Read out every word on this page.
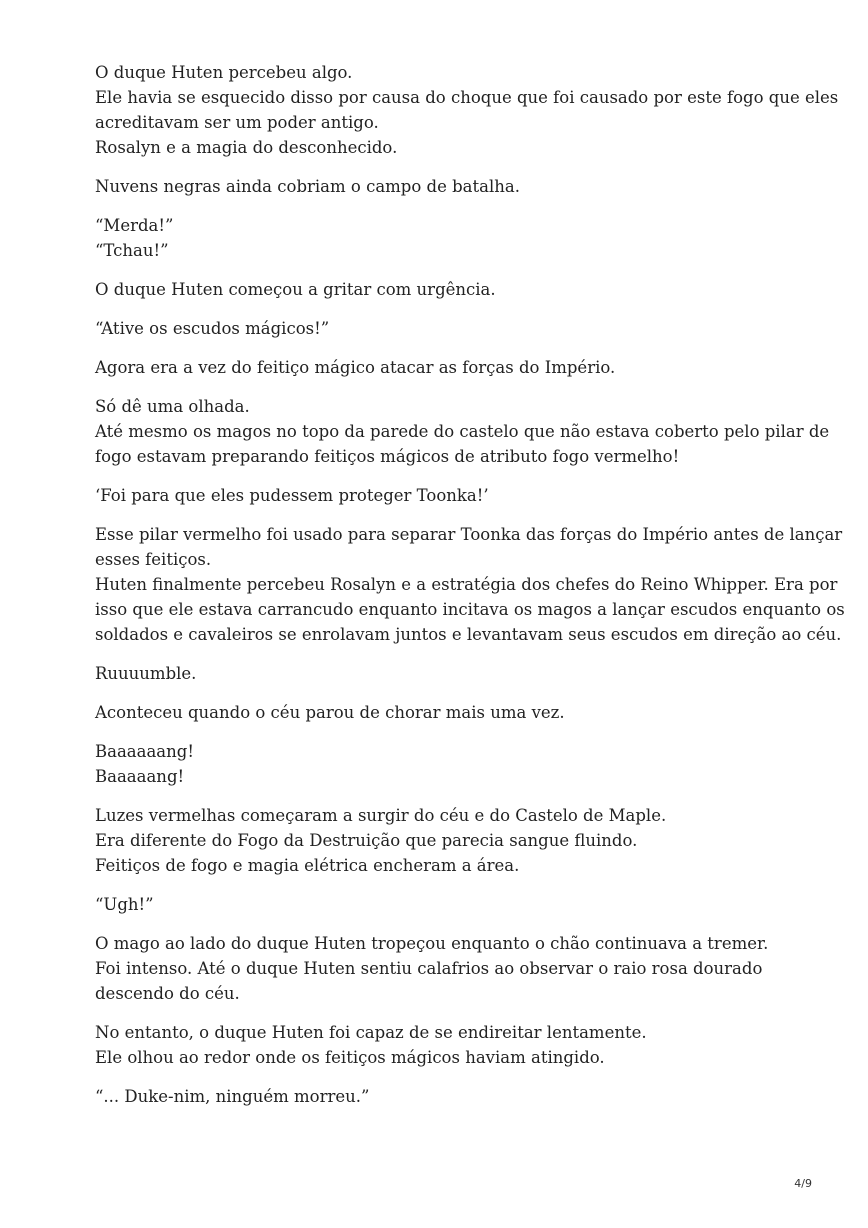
O duque Huten percebeu algo.
Ele havia se esquecido disso por causa do choque que foi causado por este fogo que eles
acreditavam ser um poder antigo.
Rosalyn e a magia do desconhecido.
Nuvens negras ainda cobriam o campo de batalha.
“Merda!”
“Tchau!”
O duque Huten começou a gritar com urgência.
“Ative os escudos mágicos!”
Agora era a vez do feitiço mágico atacar as forças do Império.
Só dê uma olhada.
Até mesmo os magos no topo da parede do castelo que não estava coberto pelo pilar de
fogo estavam preparando feitiços mágicos de atributo fogo vermelho!
‘Foi para que eles pudessem proteger Toonka!’
Esse pilar vermelho foi usado para separar Toonka das forças do Império antes de lançar
esses feitiços.
Huten finalmente percebeu Rosalyn e a estratégia dos chefes do Reino Whipper. Era por
isso que ele estava carrancudo enquanto incitava os magos a lançar escudos enquanto os
soldados e cavaleiros se enrolavam juntos e levantavam seus escudos em direção ao céu.
Ruuuumble.
Aconteceu quando o céu parou de chorar mais uma vez.
Baaaaaang!
Baaaaang!
Luzes vermelhas começaram a surgir do céu e do Castelo de Maple.
Era diferente do Fogo da Destruição que parecia sangue fluindo.
Feitiços de fogo e magia elétrica encheram a área.
“Ugh!”
O mago ao lado do duque Huten tropeçou enquanto o chão continuava a tremer.
Foi intenso. Até o duque Huten sentiu calafrios ao observar o raio rosa dourado
descendo do céu.
No entanto, o duque Huten foi capaz de se endireitar lentamente.
Ele olhou ao redor onde os feitiços mágicos haviam atingido.
“... Duke-nim, ninguém morreu.”
4/9
